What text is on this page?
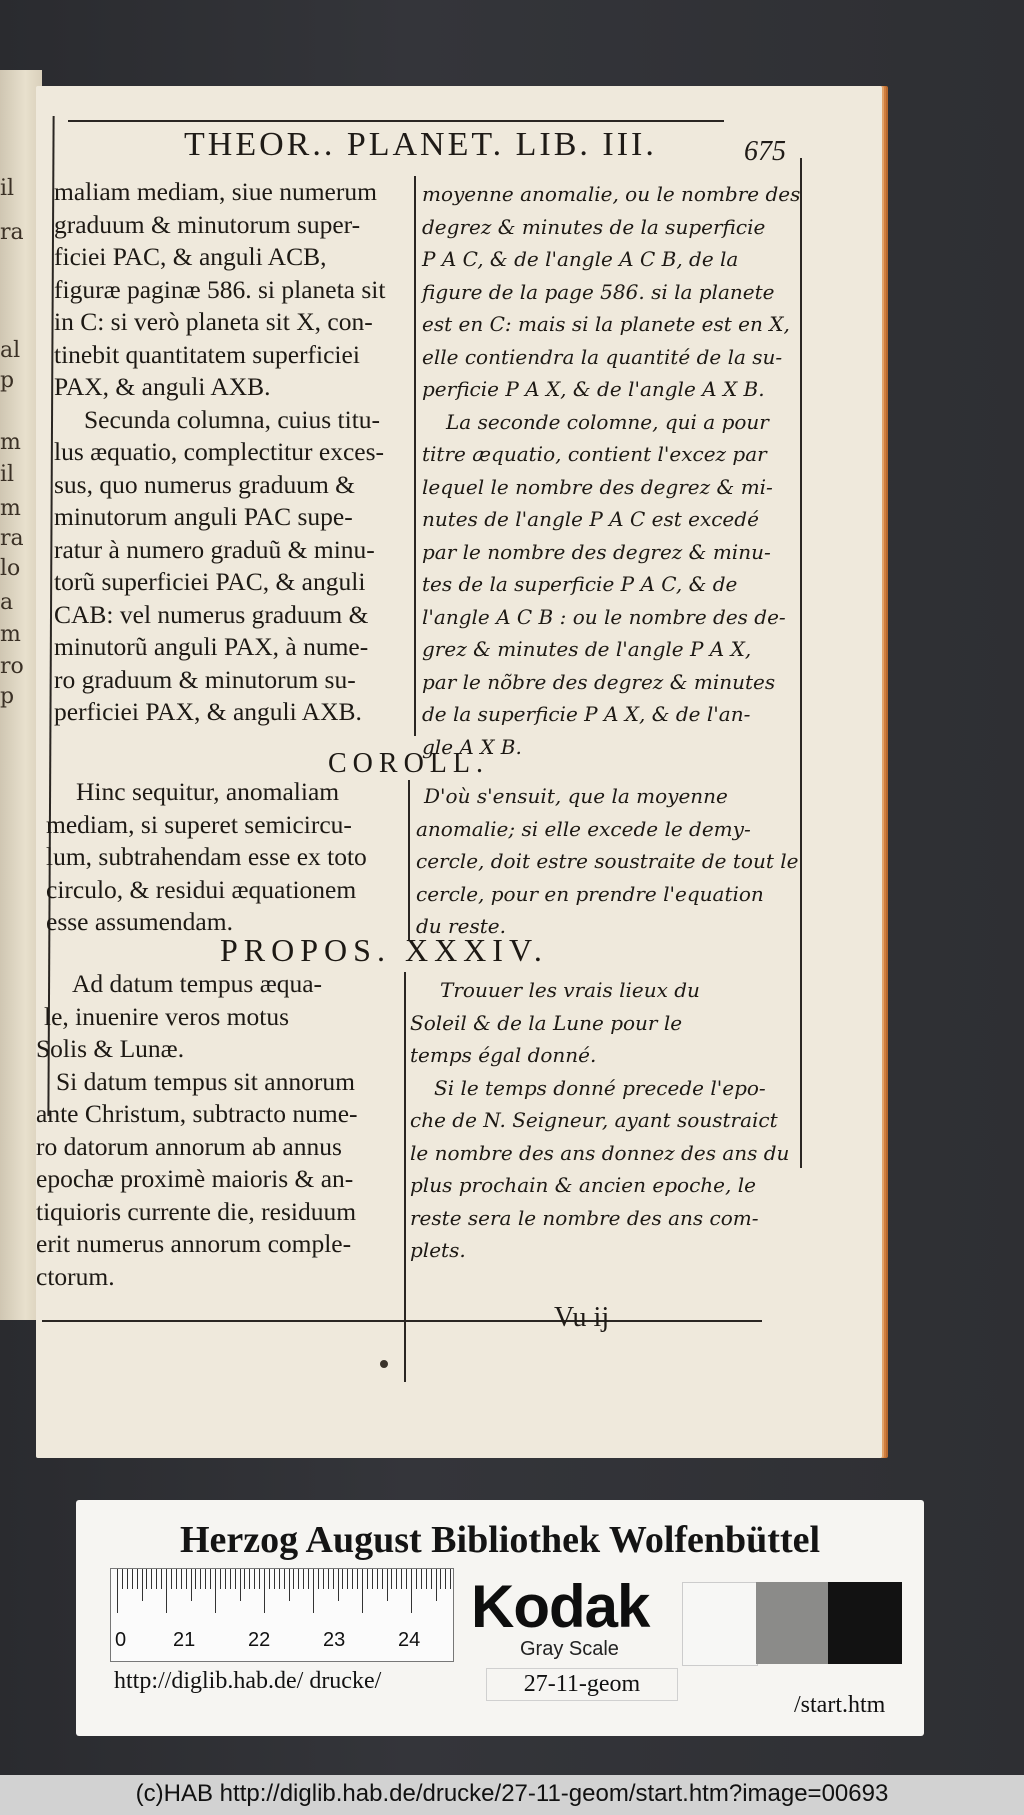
il
ra
al
p
m
il
m
ra
lo
a
m
ro
p
THEOR.. PLANET. LIB. III.	675
maliam mediam, siue numerum
graduum & minutorum super-
ficiei PAC, & anguli ACB,
figuræ paginæ 586. si planeta sit
in C: si verò planeta sit X, con-
tinebit quantitatem superficiei
PAX, & anguli AXB.
Secunda columna, cuius titu-
lus æquatio, complectitur exces-
sus, quo numerus graduum &
minutorum anguli PAC supe-
ratur à numero graduũ & minu-
torũ superficiei PAC, & anguli
CAB: vel numerus graduum &
minutorũ anguli PAX, à nume-
ro graduum & minutorum su-
perficiei PAX, & anguli AXB.
moyenne anomalie, ou le nombre des
degrez & minutes de la superficie
P A C, & de l'angle A C B, de la
figure de la page 586. si la planete
est en C: mais si la planete est en X,
elle contiendra la quantité de la su-
perficie P A X, & de l'angle A X B.
La seconde colomne, qui a pour
titre æquatio, contient l'excez par
lequel le nombre des degrez & mi-
nutes de l'angle P A C est excedé
par le nombre des degrez & minu-
tes de la superficie P A C, & de
l'angle A C B : ou le nombre des de-
grez & minutes de l'angle P A X,
par le nõbre des degrez & minutes
de la superficie P A X, & de l'an-
gle A X B.
COROLL.
Hinc sequitur, anomaliam
mediam, si superet semicircu-
lum, subtrahendam esse ex toto
circulo, & residui æquationem
esse assumendam.
D'où s'ensuit, que la moyenne
anomalie; si elle excede le demy-
cercle, doit estre soustraite de tout le
cercle, pour en prendre l'equation
du reste.
PROPOS. XXXIV.
Ad datum tempus æqua-
le, inuenire veros motus
Solis & Lunæ.
Si datum tempus sit annorum
ante Christum, subtracto nume-
ro datorum annorum ab annus
epochæ proximè maioris & an-
tiquioris currente die, residuum
erit numerus annorum comple-
ctorum.
Trouuer les vrais lieux du
Soleil & de la Lune pour le
temps égal donné.
Si le temps donné precede l'epo-
che de N. Seigneur, ayant soustraict
le nombre des ans donnez des ans du
plus prochain & ancien epoche, le
reste sera le nombre des ans com-
plets.
Vu ij
Herzog August Bibliothek Wolfenbüttel
0 21	22	23	24 Kodak
Gray Scale
http://diglib.hab.de/ drucke/	27-11-geom
/start.htm
(c)HAB http://diglib.hab.de/drucke/27-11-geom/start.htm?image=00693
